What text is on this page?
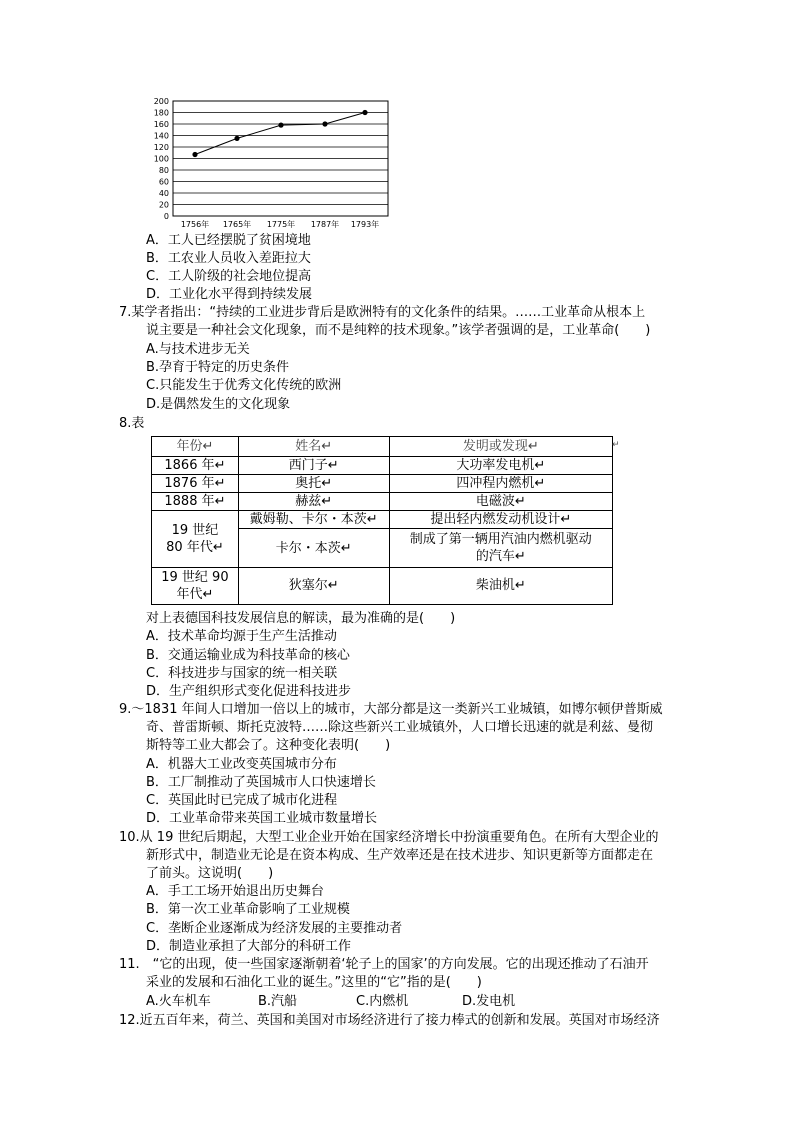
200
180
160
140
120
100
80
60
40
20
0
1756年 1765年 1775年 1787年 1793年
A．工人已经摆脱了贫困境地
B．工农业人员收入差距拉大
C．工人阶级的社会地位提高
D．工业化水平得到持续发展
7.某学者指出：“持续的工业进步背后是欧洲特有的文化条件的结果。……工业革命从根本上
说主要是一种社会文化现象，而不是纯粹的技术现象。”该学者强调的是，工业革命(　　)
A.与技术进步无关
B.孕育于特定的历史条件
C.只能发生于优秀文化传统的欧洲
D.是偶然发生的文化现象
8.表
年份↵	姓名↵	发明或发现↵
1866 年↵	西门子↵	大功率发电机↵
1876 年↵	奥托↵	四冲程内燃机↵
1888 年↵	赫兹↵	电磁波↵

19 世纪
80 年代↵	戴姆勒、卡尔・本茨↵	提出轻内燃发动机设计↵
	卡尔・本茨↵	制成了第一辆用汽油内燃机驱动
的汽车↵

19 世纪 90
年代↵	狄塞尔↵	柴油机↵
↵
对上表德国科技发展信息的解读，最为准确的是(　　)
A．技术革命均源于生产生活推动
B．交通运输业成为科技革命的核心
C．科技进步与国家的统一相关联
D．生产组织形式变化促进科技进步
9.～1831 年间人口增加一倍以上的城市，大部分都是这一类新兴工业城镇，如博尔顿伊普斯威
奇、普雷斯顿、斯托克波特……除这些新兴工业城镇外，人口增长迅速的就是利兹、曼彻
斯特等工业大都会了。这种变化表明(　　)
A．机器大工业改变英国城市分布
B．工厂制推动了英国城市人口快速增长
C．英国此时已完成了城市化进程
D．工业革命带来英国工业城市数量增长
10.从 19 世纪后期起，大型工业企业开始在国家经济增长中扮演重要角色。在所有大型企业的
新形式中，制造业无论是在资本构成、生产效率还是在技术进步、知识更新等方面都走在
了前头。这说明(　　)
A．手工工场开始退出历史舞台
B．第一次工业革命影响了工业规模
C．垄断企业逐渐成为经济发展的主要推动者
D．制造业承担了大部分的科研工作
11.　“它的出现，使一些国家逐渐朝着‘轮子上的国家’的方向发展。它的出现还推动了石油开
采业的发展和石油化工业的诞生。”这里的“它”指的是(　　)
A.火车机车	B.汽船	C.内燃机	D.发电机
12.近五百年来，荷兰、英国和美国对市场经济进行了接力棒式的创新和发展。英国对市场经济
